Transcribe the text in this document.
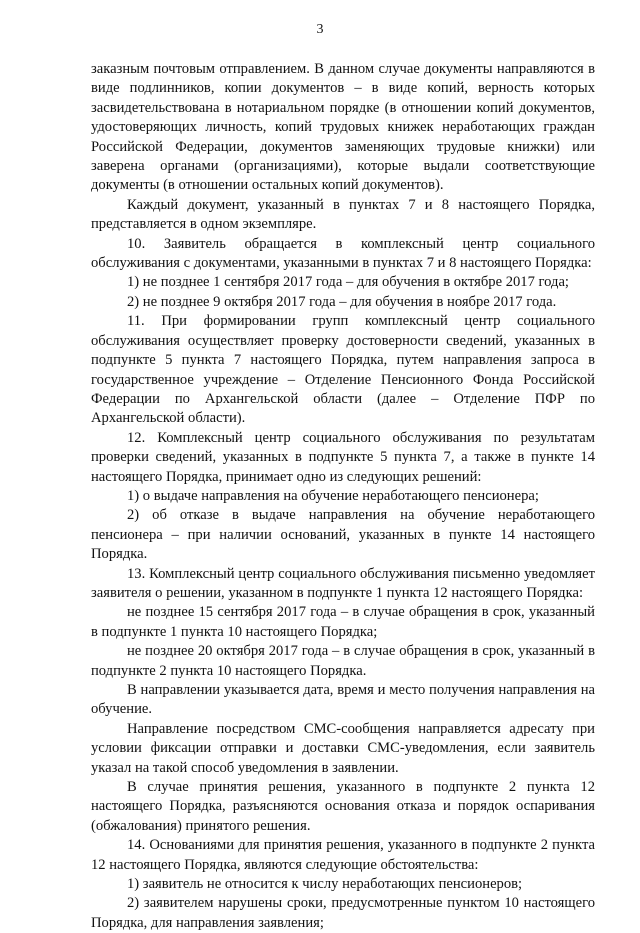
3

заказным почтовым отправлением. В данном случае документы направляются в виде подлинников, копии документов – в виде копий, верность которых засвидетельствована в нотариальном порядке (в отношении копий документов, удостоверяющих личность, копий трудовых книжек неработающих граждан Российской Федерации, документов заменяющих трудовые книжки) или заверена органами (организациями), которые выдали соответствующие документы (в отношении остальных копий документов).

Каждый документ, указанный в пунктах 7 и 8 настоящего Порядка, представляется в одном экземпляре.

10. Заявитель обращается в комплексный центр социального обслуживания с документами, указанными в пунктах 7 и 8 настоящего Порядка:

1) не позднее 1 сентября 2017 года – для обучения в октябре 2017 года;

2) не позднее 9 октября 2017 года – для обучения в ноябре 2017 года.

11. При формировании групп комплексный центр социального обслуживания осуществляет проверку достоверности сведений, указанных в подпункте 5 пункта 7 настоящего Порядка, путем направления запроса в государственное учреждение – Отделение Пенсионного Фонда Российской Федерации по Архангельской области (далее – Отделение ПФР по Архангельской области).

12. Комплексный центр социального обслуживания по результатам проверки сведений, указанных в подпункте 5 пункта 7, а также в пункте 14 настоящего Порядка, принимает одно из следующих решений:

1) о выдаче направления на обучение неработающего пенсионера;

2) об отказе в выдаче направления на обучение неработающего пенсионера – при наличии оснований, указанных в пункте 14 настоящего Порядка.

13. Комплексный центр социального обслуживания письменно уведомляет заявителя о решении, указанном в подпункте 1 пункта 12 настоящего Порядка:

не позднее 15 сентября 2017 года – в случае обращения в срок, указанный в подпункте 1 пункта 10 настоящего Порядка;

не позднее 20 октября 2017 года – в случае обращения в срок, указанный в подпункте 2 пункта 10 настоящего Порядка.

В направлении указывается дата, время и место получения направления на обучение.

Направление посредством СМС-сообщения направляется адресату при условии фиксации отправки и доставки СМС-уведомления, если заявитель указал на такой способ уведомления в заявлении.

В случае принятия решения, указанного в подпункте 2 пункта 12 настоящего Порядка, разъясняются основания отказа и порядок оспаривания (обжалования) принятого решения.

14. Основаниями для принятия решения, указанного в подпункте 2 пункта 12 настоящего Порядка, являются следующие обстоятельства:

1) заявитель не относится к числу неработающих пенсионеров;

2) заявителем нарушены сроки, предусмотренные пунктом 10 настоящего Порядка, для направления заявления;
